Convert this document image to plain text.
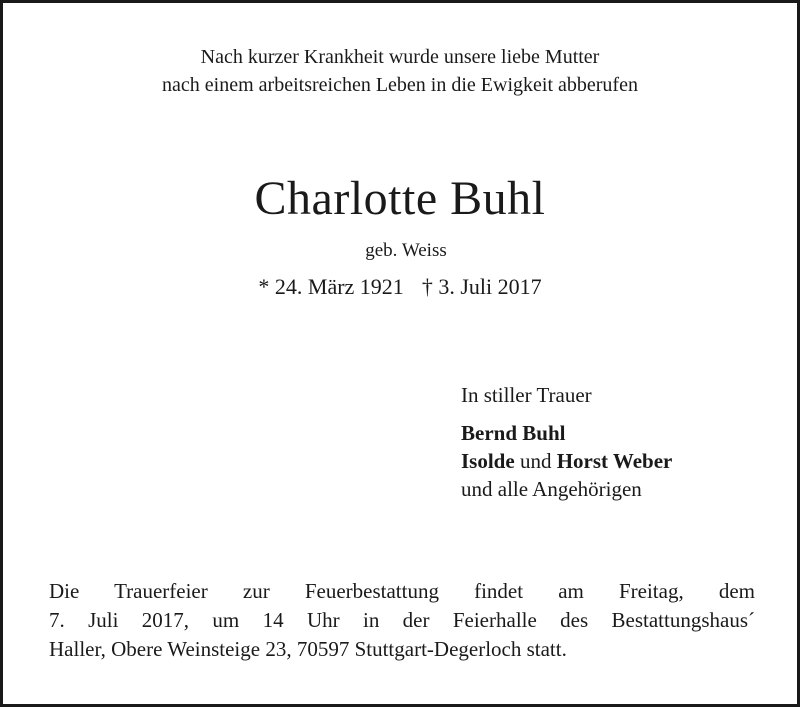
Nach kurzer Krankheit wurde unsere liebe Mutter
nach einem arbeitsreichen Leben in die Ewigkeit abberufen
Charlotte Buhl
geb. Weiss
* 24. März 1921 † 3. Juli 2017
In stiller Trauer
Bernd Buhl
Isolde und Horst Weber
und alle Angehörigen
Die Trauerfeier zur Feuerbestattung findet am Freitag, dem
7. Juli 2017, um 14 Uhr in der Feierhalle des Bestattungshaus´
Haller, Obere Weinsteige 23, 70597 Stuttgart-Degerloch statt.
